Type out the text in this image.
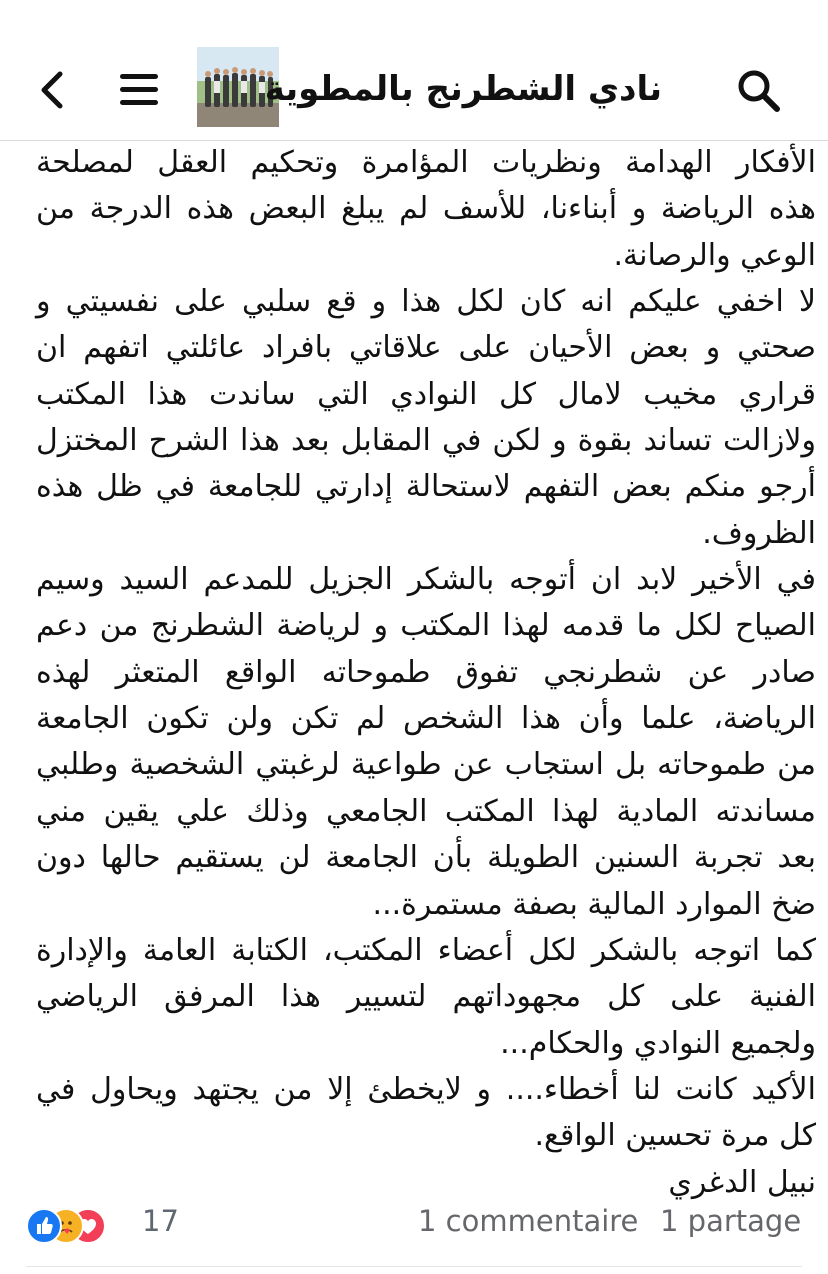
نادي الشطرنج بالمطوية
الأفكار الهدامة ونظريات المؤامرة وتحكيم العقل لمصلحة
هذه الرياضة و أبناءنا، للأسف لم يبلغ البعض هذه الدرجة من
الوعي والرصانة.
لا اخفي عليكم انه كان لكل هذا و قع سلبي على نفسيتي و
صحتي و بعض الأحيان على علاقاتي بافراد عائلتي اتفهم ان
قراري مخيب لامال كل النوادي التي ساندت هذا المكتب
ولازالت تساند بقوة و لكن في المقابل بعد هذا الشرح المختزل
أرجو منكم بعض التفهم لاستحالة إدارتي للجامعة في ظل هذه
الظروف.
في الأخير لابد ان أتوجه بالشكر الجزيل للمدعم السيد وسيم
الصياح لكل ما قدمه لهذا المكتب و لرياضة الشطرنج من دعم
صادر عن شطرنجي تفوق طموحاته الواقع المتعثر لهذه
الرياضة، علما وأن هذا الشخص لم تكن ولن تكون الجامعة
من طموحاته بل استجاب عن طواعية لرغبتي الشخصية وطلبي
مساندته المادية لهذا المكتب الجامعي وذلك علي يقين مني
بعد تجربة السنين الطويلة بأن الجامعة لن يستقيم حالها دون
ضخ الموارد المالية بصفة مستمرة...
كما اتوجه بالشكر لكل أعضاء المكتب، الكتابة العامة والإدارة
الفنية على كل مجهوداتهم لتسيير هذا المرفق الرياضي
ولجميع النوادي والحكام...
الأكيد كانت لنا أخطاء.... و لايخطئ إلا من يجتهد ويحاول في
كل مرة تحسين الواقع.
نبيل الدغري
17	1 commentaire 1 partage
